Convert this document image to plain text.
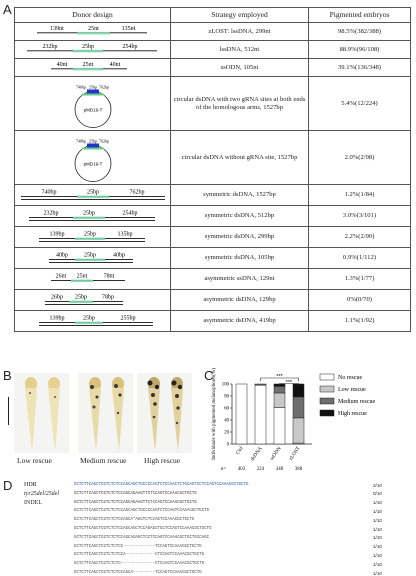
A
B	C
D
Donor design	Strategy employed	Pigmented embryos

139nt 25nt 135nt	zLOST: lssDNA, 299nt	98.5%(382/388)

232bp 25bp 254bp	lssDNA, 512nt	88.9%(96/108)

40nt 25nt 40nt	ssODN, 105nt	39.1%(136/348)

pMD19-T
740bp 25bp 762bp	circular dsDNA with two gRNA sites at both ends of the homologous arms, 1527bp	5.4%(12/224)

pMD19-T
740bp 25bp 762bp	circular dsDNA without gRNA site, 1527bp	2.0%(2/98)

740bp 25bp 762bp	symmetric dsDNA, 1527bp	1.2%(1/84)

232bp 25bp 254bp	symmetric dsDNA, 512bp	3.0%(3/101)

139bp 25bp 135bp	symmetric dsDNA, 299bp	2.2%(2/90)

40bp 25bp 40bp	symmetric dsDNA, 105bp	0.9%(1/112)

26nt 25nt 78nt	asymmetric ssDNA, 129nt	1.3%(1/77)

26bp 25bp 78bp	asymmetric dsDNA, 129bp	0%(0/70)

139bp 25bp 255bp	asymmetric dsDNA, 419bp	1.1%(1/92)
Low rescue	Medium rescue High rescue
0
20
40
60
80
100
Individuals with pigmented melanophores(%)	Ctrl
403
dsDNA
224
ssODN
348
zLOST
388
n=
***
***
No rescue
Low rescue
Medium rescue
High rescue
HDR
tyr25del/25del
INDEL
GCTCTTCAGCTCGTCTCTCCAGCAGCTGCCCCAGTCTCCAACTCTGCAGTCCTCCAGTCCAAACGCTGCTG	2/10
GCTCTTCAGCTCGTCTCTCCAGCAGAAGTTCTCCAGTCCAAACGCTGCTG	0/10
GCTCTTCAGCTCGTCTCTCCAGCAGAAGTTCTCCAGTCCAAACGCTGCTG	1/10
GCTCTTCAGCTCGTCTCTCCAGCAGCTGCCCCAGTCTCCAGTCCAAACGCTGCTG	1/10
GCTCTTCAGCTCGTCTCTCCAGCA*AGGTCTCCAGTCCAAACGCTGCTG	1/10
GCTCTTCAGCTCGTCTCTCCAGCAGCTCCAGAGCTGCTCCAGTCCAAACGCTGCTG	1/10
GCTCTTCAGCTCGTCTCTCCAGCAGAGCTCCTCCAGTCCAAACGCTGCTGCCAGC	1/10
GCTCTTCAGCTCGTCTCTCC-------------TCCAGTCCAAACGCTGCTG	1/10
GCTCTTCAGCTCGTCTCTCCA------------CTCCAGTCCAAACGCTGCTG	1/10
GCTCTTCAGCTCGTCTCTC--------------CTCCAGTCCAAACGCTGCTG	1/10
GCTCTTCAGCTCGTCTCTCCAGCA---------TCCAGTCCAAACGCTGCTG	1/10
